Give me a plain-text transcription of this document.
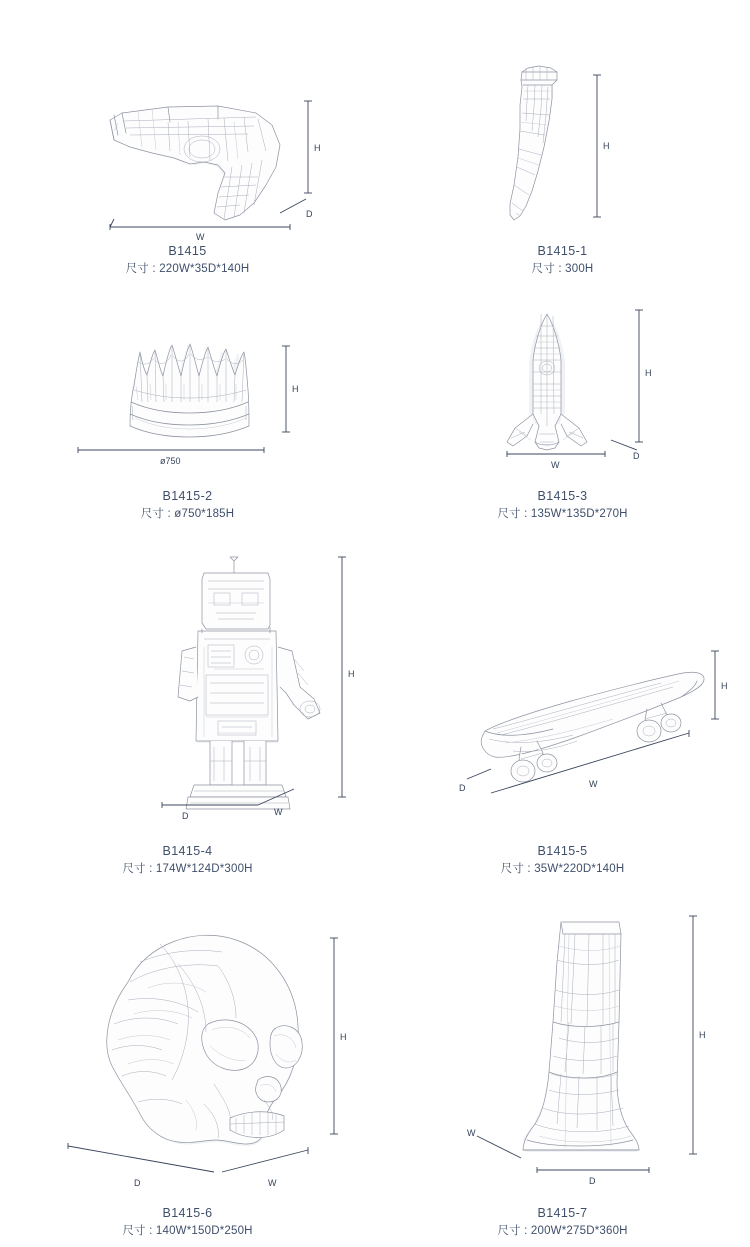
H
D
W
B1415
尺寸 : 220W*35D*140H
H
B1415-1
尺寸 : 300H
H
ø750
B1415-2
尺寸 : ø750*185H
H
D
W
B1415-3
尺寸 : 135W*135D*270H
H
D	W
B1415-4
尺寸 : 174W*124D*300H
H
D	W
B1415-5
尺寸 : 35W*220D*140H
H
D	W
B1415-6
尺寸 : 140W*150D*250H
H
W
D
B1415-7
尺寸 : 200W*275D*360H
